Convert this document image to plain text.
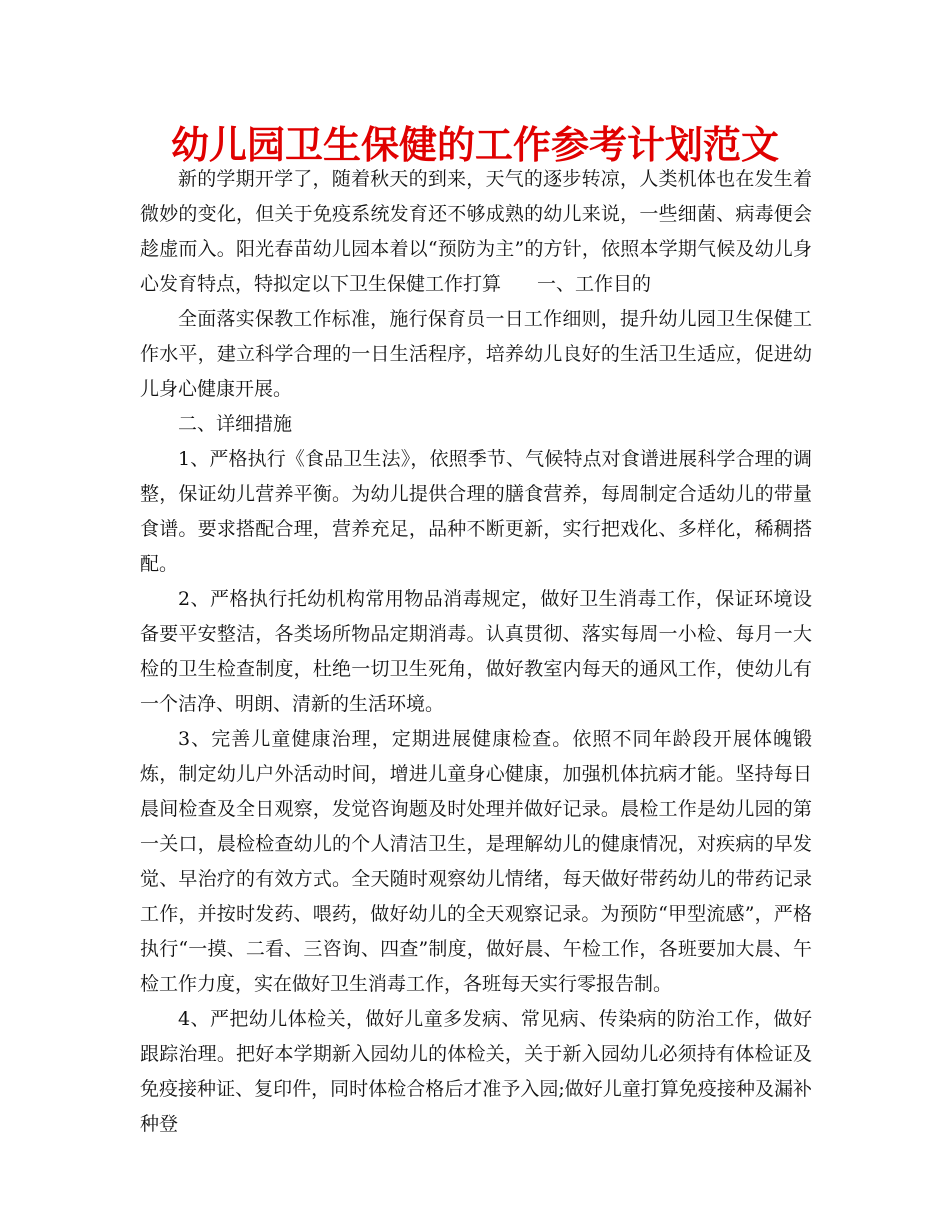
幼儿园卫生保健的工作参考计划范文

新的学期开学了，随着秋天的到来，天气的逐步转凉，人类机体也在发生着微妙的变化，但关于免疫系统发育还不够成熟的幼儿来说，一些细菌、病毒便会趁虚而入。阳光春苗幼儿园本着以“预防为主”的方针，依照本学期气候及幼儿身心发育特点，特拟定以下卫生保健工作打算 一、工作目的

全面落实保教工作标准，施行保育员一日工作细则，提升幼儿园卫生保健工作水平，建立科学合理的一日生活程序，培养幼儿良好的生活卫生适应，促进幼儿身心健康开展。

二、详细措施

1、严格执行《食品卫生法》，依照季节、气候特点对食谱进展科学合理的调整，保证幼儿营养平衡。为幼儿提供合理的膳食营养，每周制定合适幼儿的带量食谱。要求搭配合理，营养充足，品种不断更新，实行把戏化、多样化，稀稠搭配。

2、严格执行托幼机构常用物品消毒规定，做好卫生消毒工作，保证环境设备要平安整洁，各类场所物品定期消毒。认真贯彻、落实每周一小检、每月一大检的卫生检查制度，杜绝一切卫生死角，做好教室内每天的通风工作，使幼儿有一个洁净、明朗、清新的生活环境。

3、完善儿童健康治理，定期进展健康检查。依照不同年龄段开展体魄锻炼，制定幼儿户外活动时间，增进儿童身心健康，加强机体抗病才能。坚持每日晨间检查及全日观察，发觉咨询题及时处理并做好记录。晨检工作是幼儿园的第一关口，晨检检查幼儿的个人清洁卫生，是理解幼儿的健康情况，对疾病的早发觉、早治疗的有效方式。全天随时观察幼儿情绪，每天做好带药幼儿的带药记录工作，并按时发药、喂药，做好幼儿的全天观察记录。为预防“甲型流感”，严格执行“一摸、二看、三咨询、四查”制度，做好晨、午检工作，各班要加大晨、午检工作力度，实在做好卫生消毒工作，各班每天实行零报告制。

4、严把幼儿体检关，做好儿童多发病、常见病、传染病的防治工作，做好跟踪治理。把好本学期新入园幼儿的体检关，关于新入园幼儿必须持有体检证及免疫接种证、复印件，同时体检合格后才准予入园;做好儿童打算免疫接种及漏补种登
